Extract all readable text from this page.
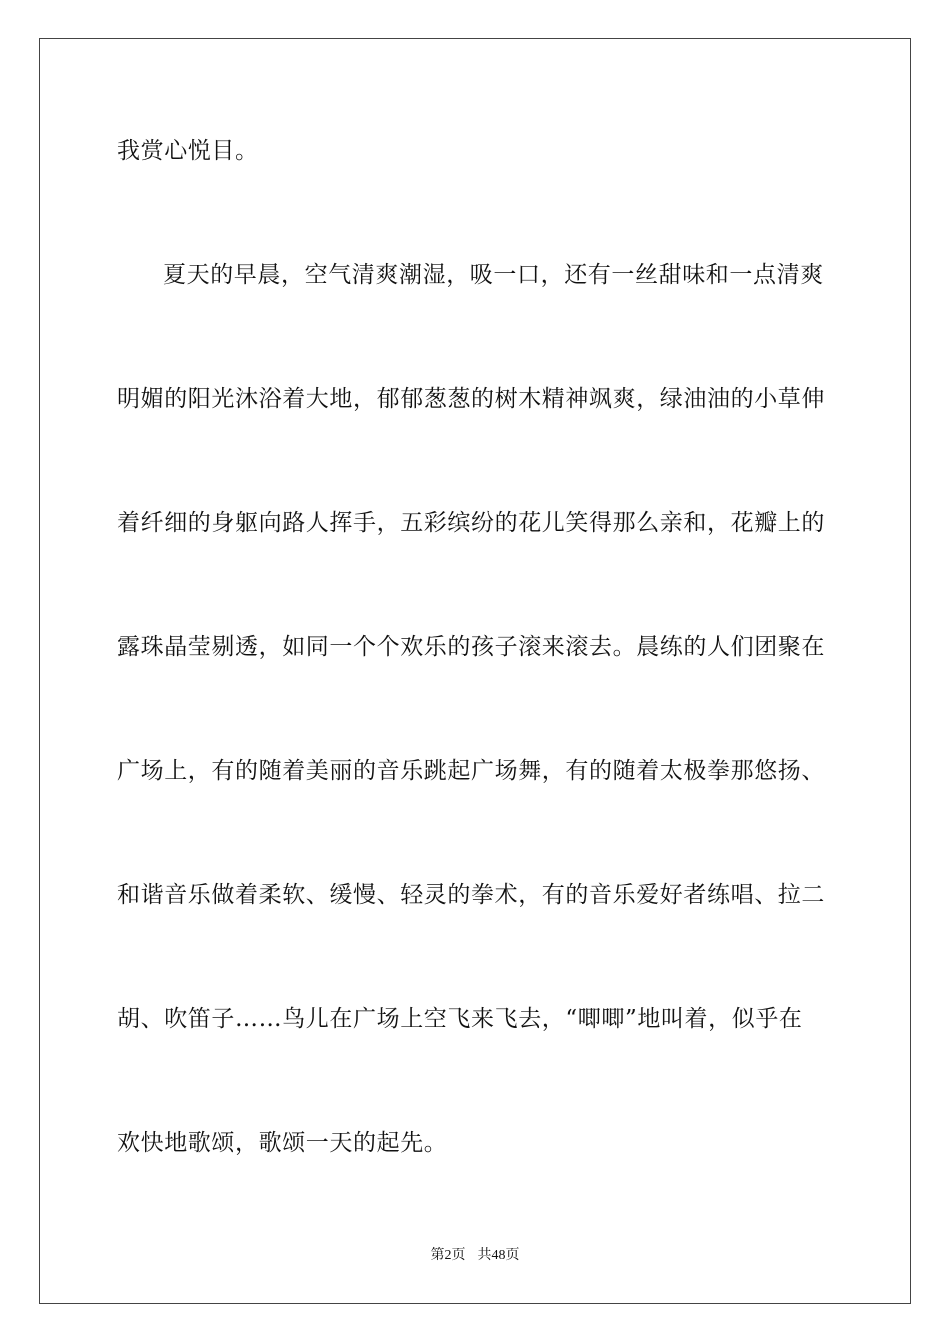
我赏心悦目。
夏天的早晨，空气清爽潮湿，吸一口，还有一丝甜味和一点清爽
明媚的阳光沐浴着大地，郁郁葱葱的树木精神飒爽，绿油油的小草伸
着纤细的身躯向路人挥手，五彩缤纷的花儿笑得那么亲和，花瓣上的
露珠晶莹剔透，如同一个个欢乐的孩子滚来滚去。晨练的人们团聚在
广场上，有的随着美丽的音乐跳起广场舞，有的随着太极拳那悠扬、
和谐音乐做着柔软、缓慢、轻灵的拳术，有的音乐爱好者练唱、拉二
胡、吹笛子……鸟儿在广场上空飞来飞去，“唧唧”地叫着，似乎在
欢快地歌颂，歌颂一天的起先。
第2页 共48页
